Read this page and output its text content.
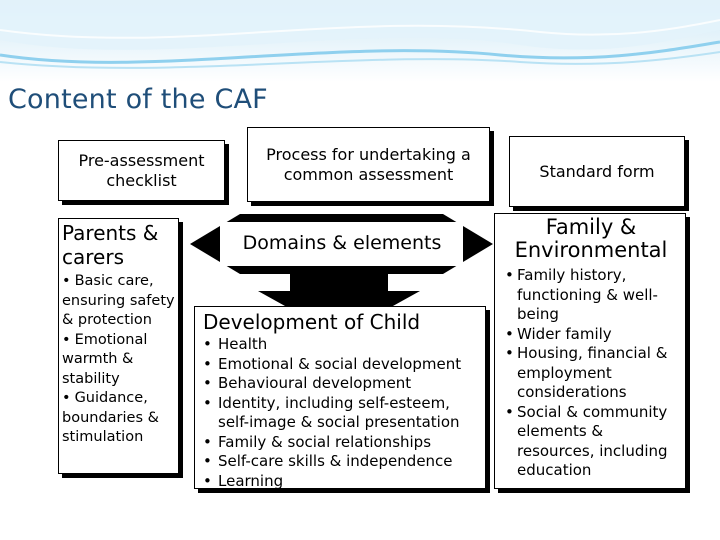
Content of the CAF
Pre-assessment checklist
Process for undertaking a common assessment	Standard form
Domains & elements
Parents & carers
• Basic care, ensuring safety & protection
• Emotional warmth & stability
• Guidance, boundaries & stimulation
Development of Child
• Health
• Emotional & social development
• Behavioural development
• Identity, including self-esteem, self-image & social presentation
• Family & social relationships
• Self-care skills & independence
• Learning
Family & Environmental
• Family history, functioning & well-being
• Wider family
• Housing, financial & employment considerations
• Social & community elements & resources, including education
